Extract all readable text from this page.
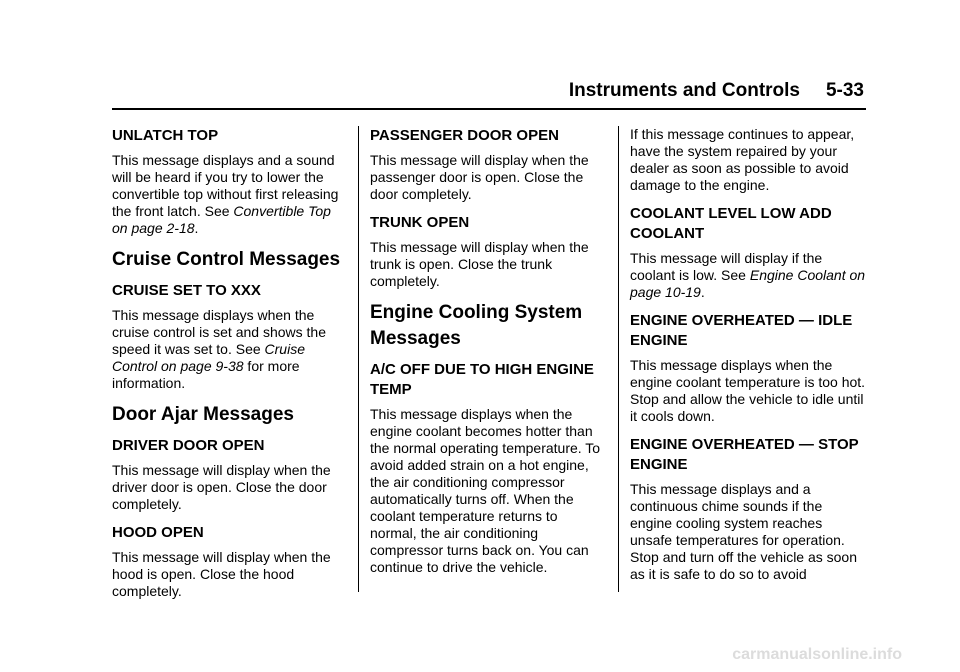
Instruments and Controls 5-33
UNLATCH TOP

This message displays and a sound will be heard if you try to lower the convertible top without first releasing the front latch. See Convertible Top on page 2-18.

Cruise Control Messages
CRUISE SET TO XXX

This message displays when the cruise control is set and shows the speed it was set to. See Cruise Control on page 9-38 for more information.

Door Ajar Messages
DRIVER DOOR OPEN

This message will display when the driver door is open. Close the door completely.

HOOD OPEN

This message will display when the hood is open. Close the hood completely.

PASSENGER DOOR OPEN

This message will display when the passenger door is open. Close the door completely.

TRUNK OPEN

This message will display when the trunk is open. Close the trunk completely.

Engine Cooling System Messages
A/C OFF DUE TO HIGH ENGINE TEMP

This message displays when the engine coolant becomes hotter than the normal operating temperature. To avoid added strain on a hot engine, the air conditioning compressor automatically turns off. When the coolant temperature returns to normal, the air conditioning compressor turns back on. You can continue to drive the vehicle.

If this message continues to appear, have the system repaired by your dealer as soon as possible to avoid damage to the engine.

COOLANT LEVEL LOW ADD COOLANT

This message will display if the coolant is low. See Engine Coolant on page 10-19.

ENGINE OVERHEATED — IDLE ENGINE

This message displays when the engine coolant temperature is too hot. Stop and allow the vehicle to idle until it cools down.

ENGINE OVERHEATED — STOP ENGINE

This message displays and a continuous chime sounds if the engine cooling system reaches unsafe temperatures for operation. Stop and turn off the vehicle as soon as it is safe to do so to avoid

carmanualsonline.info
